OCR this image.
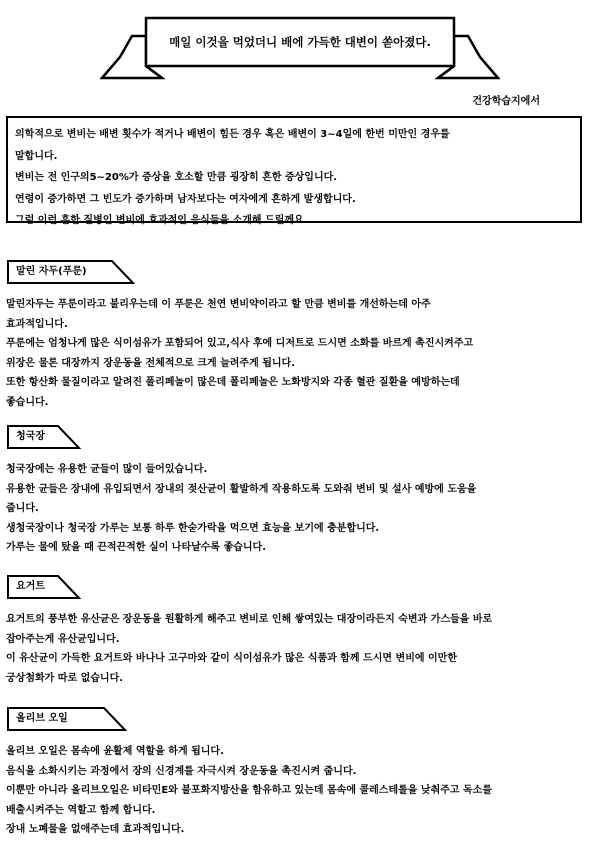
매일 이것을 먹었더니 배에 가득한 대변이 쏟아졌다.
건강학습지에서

의학적으로 변비는 배변 횟수가 적거나 배변이 힘든 경우 혹은 배변이 3~4일에 한번 미만인 경우를

말합니다.

변비는 전 인구의5~20%가 증상을 호소할 만큼 굉장히 흔한 증상입니다.

연령이 증가하면 그 빈도가 증가하며 남자보다는 여자에게 흔하게 발생합니다.

그럼 이런 흔한 질병인 변비에 효과적인 음식들을 소개해 드릴께요.

말린 자두(푸룬)

말린자두는 푸룬이라고 불리우는데 이 푸룬은 천연 변비약이라고 할 만큼 변비를 개선하는데 아주

효과적입니다.

푸룬에는 엄청나게 많은 식이섬유가 포함되어 있고,식사 후에 디저트로 드시면 소화를 바르게 촉진시켜주고

위장은 물론 대장까지 장운동을 전체적으로 크게 늘려주게 됩니다.

또한 항산화 물질이라고 알려진 폴리페놀이 많은데 폴리페놀은 노화방지와 각종 혈관 질환을 예방하는데

좋습니다.

청국장

청국장에는 유용한 균들이 많이 들어있습니다.

유용한 균들은 장내에 유입되면서 장내의 젖산균이 활발하게 작용하도록 도와줘 변비 및 설사 예방에 도움을

줍니다.

생청국장이나 청국장 가루는 보통 하루 한숟가락을 먹으면 효능을 보기에 충분합니다.

가루는 물에 탔을 때 끈적끈적한 실이 나타날수록 좋습니다.

요거트

요거트의 풍부한 유산균은 장운동을 원활하게 해주고 변비로 인해 쌓여있는 대장이라든지 숙변과 가스들을 바로

잡아주는게 유산균입니다.

이 유산균이 가득한 요거트와 바나나 고구마와 같이 식이섬유가 많은 식품과 함께 드시면 변비에 이만한

궁상첨화가 따로 없습니다.

올리브 오일

올리브 오일은 몸속에 윤활제 역할을 하게 됩니다.

음식을 소화시키는 과정에서 장의 신경계를 자극시켜 장운동을 촉진시켜 줍니다.

이뿐만 아니라 올리브오일은 비타민E와 불포화지방산을 함유하고 있는데 몸속에 콜레스테롤을 낮춰주고 독소를

배출시켜주는 역할고 함께 합니다.

장내 노폐물을 없애주는데 효과적입니다.
